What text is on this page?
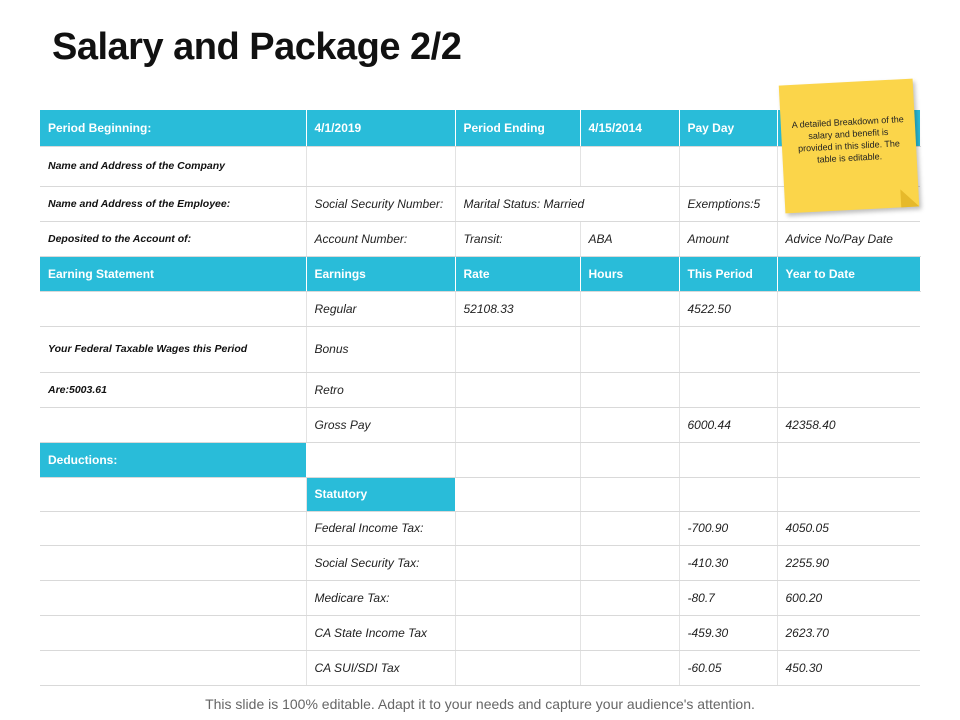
Salary and Package 2/2
Period Beginning:	4/1/2019	Period Ending	4/15/2014	Pay Day	
Name and Address of the Company					
Name and Address of the Employee:	Social Security Number:	Marital Status: Married		Exemptions:5	
Deposited to the Account of:	Account Number:	Transit:	ABA	Amount	Advice No/Pay Date
Earning Statement	Earnings	Rate	Hours	This Period	Year to Date
	Regular	52108.33		4522.50	
Your Federal Taxable Wages this Period	Bonus				
Are:5003.61	Retro				
	Gross Pay			6000.44	42358.40
Deductions:					
	Statutory				
	Federal Income Tax:			-700.90	4050.05
	Social Security Tax:			-410.30	2255.90
	Medicare Tax:			-80.7	600.20
	CA State Income Tax			-459.30	2623.70
	CA SUI/SDI Tax			-60.05	450.30
A detailed Breakdown of the salary and benefit is provided in this slide. The table is editable.
This slide is 100% editable. Adapt it to your needs and capture your audience's attention.
